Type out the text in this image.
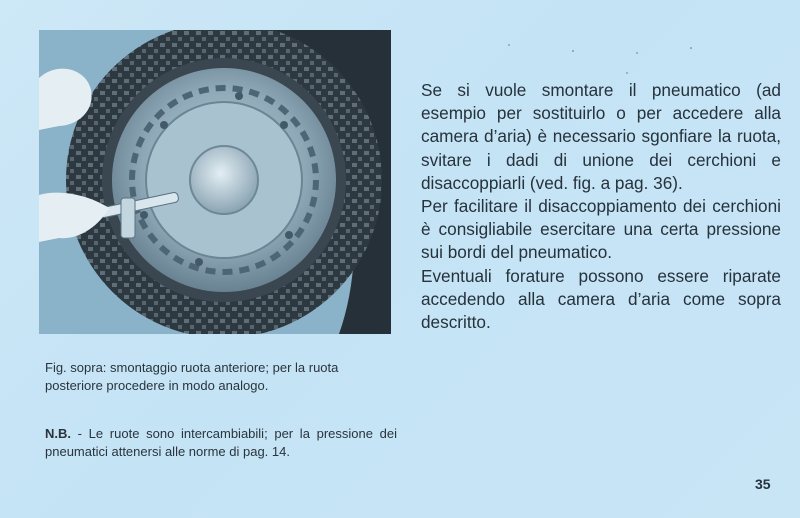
Se si vuole smontare il pneumatico (ad esempio per sostituirlo o per accedere alla camera d’aria) è necessario sgonfiare la ruota, svitare i dadi di unione dei cerchioni e disaccoppiarli (ved. fig. a pag. 36).

Per facilitare il disaccoppiamento dei cerchioni è consigliabile esercitare una certa pressione sui bordi del pneumatico.

Eventuali forature possono essere riparate accedendo alla camera d’aria come sopra descritto.

Fig. sopra: smontaggio ruota anteriore; per la ruota posteriore procedere in modo analogo.
N.B. - Le ruote sono intercambiabili; per la pressione dei pneumatici attenersi alle norme di pag. 14.
35
